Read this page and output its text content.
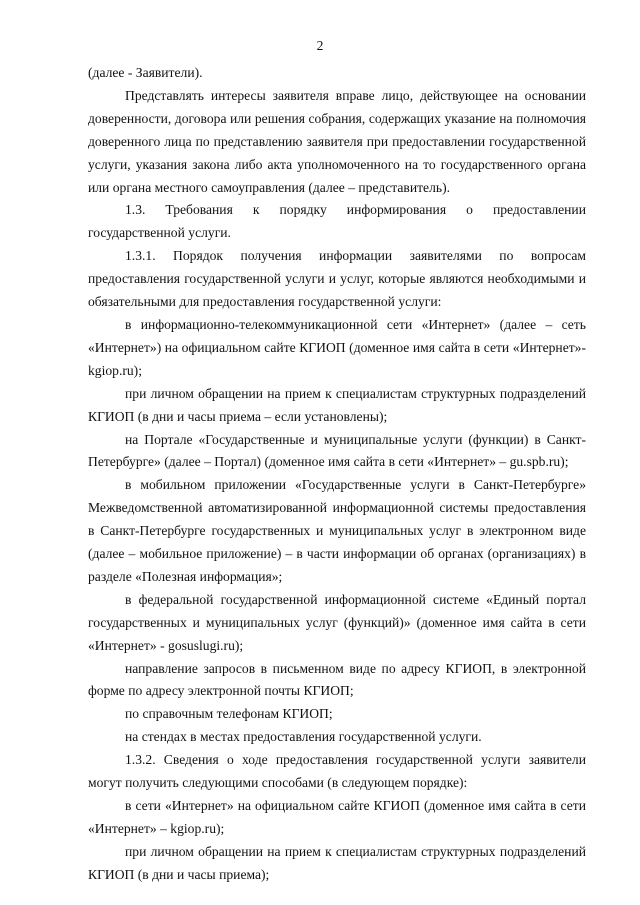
2

(далее - Заявители).

Представлять интересы заявителя вправе лицо, действующее на основании доверенности, договора или решения собрания, содержащих указание на полномочия доверенного лица по представлению заявителя при предоставлении государственной услуги, указания закона либо акта уполномоченного на то государственного органа или органа местного самоуправления (далее – представитель).

1.3. Требования к порядку информирования о предоставлении государственной услуги.

1.3.1. Порядок получения информации заявителями по вопросам предоставления государственной услуги и услуг, которые являются необходимыми и обязательными для предоставления государственной услуги:

в информационно-телекоммуникационной сети «Интернет» (далее – сеть «Интернет») на официальном сайте КГИОП (доменное имя сайта в сети «Интернет»- kgiop.ru);

при личном обращении на прием к специалистам структурных подразделений КГИОП (в дни и часы приема – если установлены);

на Портале «Государственные и муниципальные услуги (функции) в Санкт-Петербурге» (далее – Портал) (доменное имя сайта в сети «Интернет» – gu.spb.ru);

в мобильном приложении «Государственные услуги в Санкт-Петербурге» Межведомственной автоматизированной информационной системы предоставления в Санкт-Петербурге государственных и муниципальных услуг в электронном виде (далее – мобильное приложение) – в части информации об органах (организациях) в разделе «Полезная информация»;

в федеральной государственной информационной системе «Единый портал государственных и муниципальных услуг (функций)» (доменное имя сайта в сети «Интернет» - gosuslugi.ru);

направление запросов в письменном виде по адресу КГИОП, в электронной форме по адресу электронной почты КГИОП;

по справочным телефонам КГИОП;

на стендах в местах предоставления государственной услуги.

1.3.2. Сведения о ходе предоставления государственной услуги заявители могут получить следующими способами (в следующем порядке):

в сети «Интернет» на официальном сайте КГИОП (доменное имя сайта в сети «Интернет» – kgiop.ru);

при личном обращении на прием к специалистам структурных подразделений КГИОП (в дни и часы приема);
